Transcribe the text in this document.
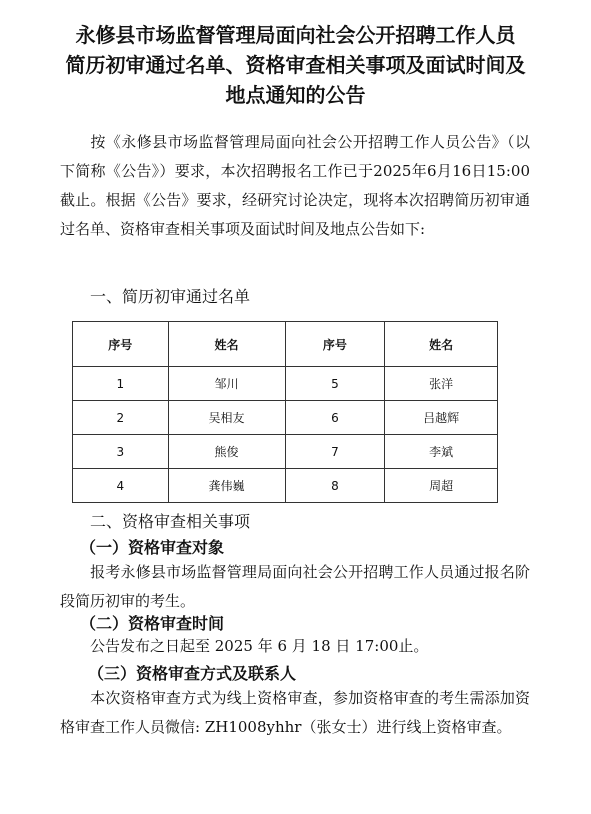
永修县市场监督管理局面向社会公开招聘工作人员
简历初审通过名单、资格审查相关事项及面试时间及
地点通知的公告

按《永修县市场监督管理局面向社会公开招聘工作人员公告》（以下简称《公告》）要求，本次招聘报名工作已于2025年6月16日15:00截止。根据《公告》要求，经研究讨论决定，现将本次招聘简历初审通过名单、资格审查相关事项及面试时间及地点公告如下:

一、简历初审通过名单
序号	姓名	序号	姓名
1	邹川	5	张洋
2	吴相友	6	吕越辉
3	熊俊	7	李斌
4	龚伟巍	8	周超
二、资格审查相关事项
（一）资格审查对象

报考永修县市场监督管理局面向社会公开招聘工作人员通过报名阶段简历初审的考生。

（二）资格审查时间
公告发布之日起至 2025 年 6 月 18 日 17:00止。
（三）资格审查方式及联系人

本次资格审查方式为线上资格审查，参加资格审查的考生需添加资格审查工作人员微信: ZH1008yhhr（张女士）进行线上资格审查。
